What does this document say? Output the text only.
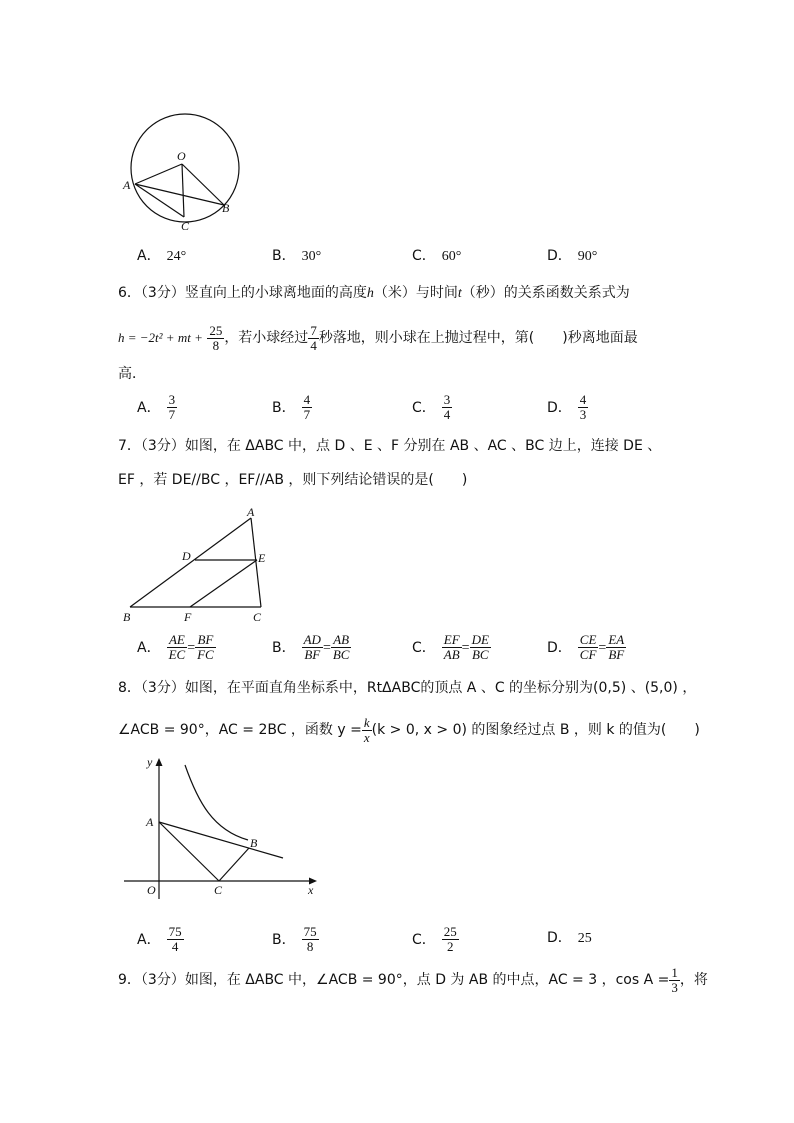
O
A
B
C
A． 24°	B． 30°	C． 60°	D． 90°
6．（3分）竖直向上的小球离地面的高度h（米）与时间t（秒）的关系函数关系式为
h = −2t² + mt + $\frac{25}{8}$ ，若小球经过 $\frac{7}{4}$ 秒落地，则小球在上抛过程中，第(　　)秒离地面最
高．
A． $\frac{3}{7}$	B． $\frac{4}{7}$	C． $\frac{3}{4}$	D． $\frac{4}{3}$
7．（3分）如图，在 ΔABC 中，点 D 、E 、F 分别在 AB 、AC 、BC 边上，连接 DE 、
EF ，若 DE//BC ，EF//AB ，则下列结论错误的是(　　)
A
D	E
B	F	C
A． $\frac{AE}{EC} = \frac{BF}{FC}$	B． $\frac{AD}{BF} = \frac{AB}{BC}$	C． $\frac{EF}{AB} = \frac{DE}{BC}$	D． $\frac{CE}{CF} = \frac{EA}{BF}$
8．（3分）如图，在平面直角坐标系中，RtΔABC的顶点 A 、C 的坐标分别为(0,5) 、(5,0) ，
∠ACB = 90°，AC = 2BC ，函数 $y = \frac{k}{x} (k > 0$, x > 0) 的图象经过点 B ，则 k 的值为(　　)
y
x
A
B
O	C
A． $\frac{75}{4}$	B． $\frac{75}{8}$	C． $\frac{25}{2}$	D． 25
9．（3分）如图，在 ΔABC 中，∠ACB = 90°，点 D 为 AB 的中点，AC = 3 ，$\cos A = \frac{1}{3}$ ，将
